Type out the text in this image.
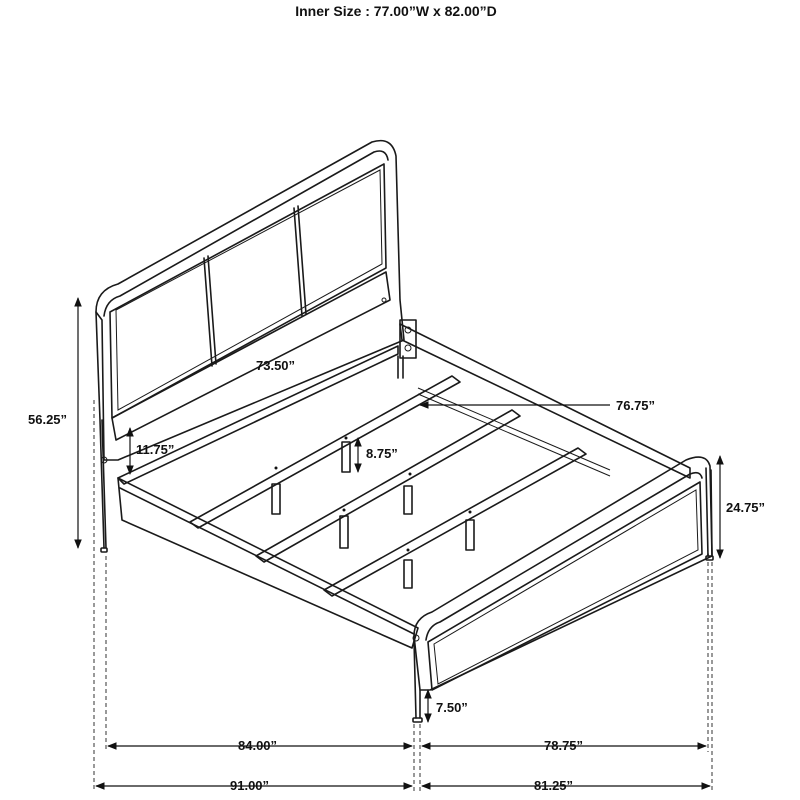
Inner Size : 77.00”W x 82.00”D
56.25”
11.75”	8.75”
73.50”
76.75”
24.75”
7.50”
84.00”	78.75”
91.00”	81.25”
